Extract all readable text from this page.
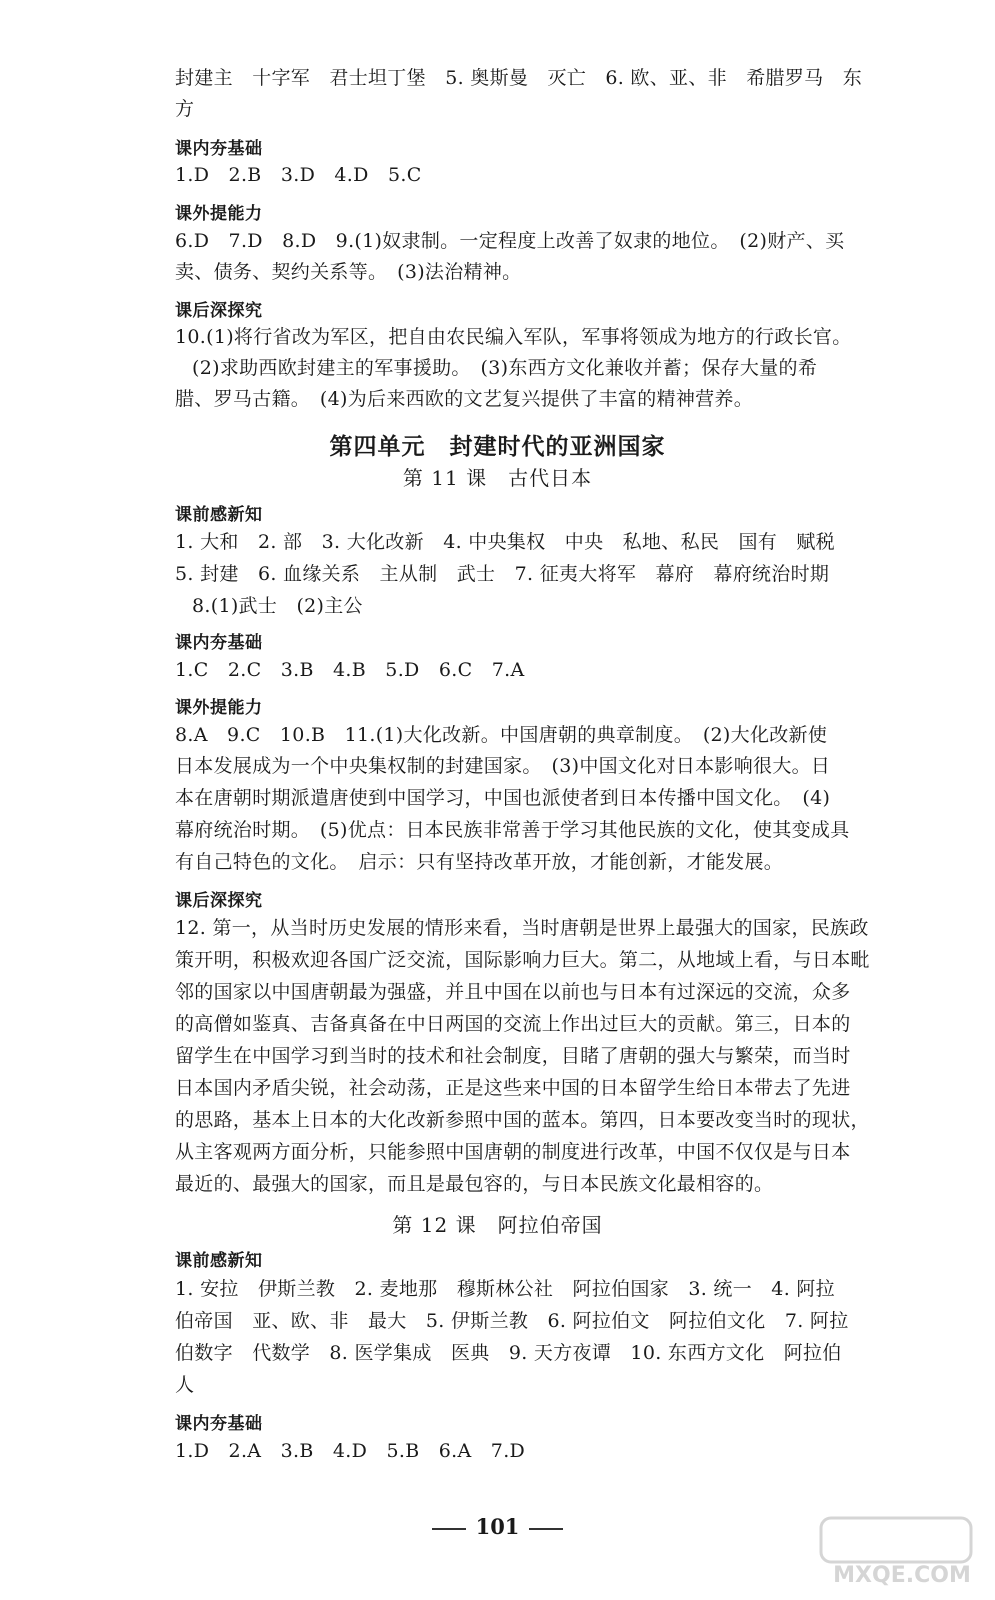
封建主　十字军　君士坦丁堡　5. 奥斯曼　灭亡　6. 欧、亚、非　希腊罗马　东
方
课内夯基础
1.D　2.B　3.D　4.D　5.C
课外提能力
6.D　7.D　8.D　9.(1)奴隶制。一定程度上改善了奴隶的地位。　(2)财产、买
卖、债务、契约关系等。　(3)法治精神。
课后深探究
10.(1)将行省改为军区，把自由农民编入军队，军事将领成为地方的行政长官。
(2)求助西欧封建主的军事援助。　(3)东西方文化兼收并蓄；保存大量的希
腊、罗马古籍。　(4)为后来西欧的文艺复兴提供了丰富的精神营养。
第四单元　封建时代的亚洲国家
第 11 课　古代日本
课前感新知
1. 大和　2. 部　3. 大化改新　4. 中央集权　中央　私地、私民　国有　赋税
5. 封建　6. 血缘关系　主从制　武士　7. 征夷大将军　幕府　幕府统治时期
8.(1)武士　(2)主公
课内夯基础
1.C　2.C　3.B　4.B　5.D　6.C　7.A
课外提能力
8.A　9.C　10.B　11.(1)大化改新。中国唐朝的典章制度。　(2)大化改新使
日本发展成为一个中央集权制的封建国家。　(3)中国文化对日本影响很大。日
本在唐朝时期派遣唐使到中国学习，中国也派使者到日本传播中国文化。　(4)
幕府统治时期。　(5)优点：日本民族非常善于学习其他民族的文化，使其变成具
有自己特色的文化。　启示：只有坚持改革开放，才能创新，才能发展。
课后深探究
12. 第一，从当时历史发展的情形来看，当时唐朝是世界上最强大的国家，民族政
策开明，积极欢迎各国广泛交流，国际影响力巨大。第二，从地域上看，与日本毗
邻的国家以中国唐朝最为强盛，并且中国在以前也与日本有过深远的交流，众多
的高僧如鉴真、吉备真备在中日两国的交流上作出过巨大的贡献。第三，日本的
留学生在中国学习到当时的技术和社会制度，目睹了唐朝的强大与繁荣，而当时
日本国内矛盾尖锐，社会动荡，正是这些来中国的日本留学生给日本带去了先进
的思路，基本上日本的大化改新参照中国的蓝本。第四，日本要改变当时的现状，
从主客观两方面分析，只能参照中国唐朝的制度进行改革，中国不仅仅是与日本
最近的、最强大的国家，而且是最包容的，与日本民族文化最相容的。
第 12 课　阿拉伯帝国
课前感新知
1. 安拉　伊斯兰教　2. 麦地那　穆斯林公社　阿拉伯国家　3. 统一　4. 阿拉
伯帝国　亚、欧、非　最大　5. 伊斯兰教　6. 阿拉伯文　阿拉伯文化　7. 阿拉
伯数字　代数学　8. 医学集成　医典　9. 天方夜谭　10. 东西方文化　阿拉伯
人
课内夯基础
1.D　2.A　3.B　4.D　5.B　6.A　7.D
101
MXQE.COM
